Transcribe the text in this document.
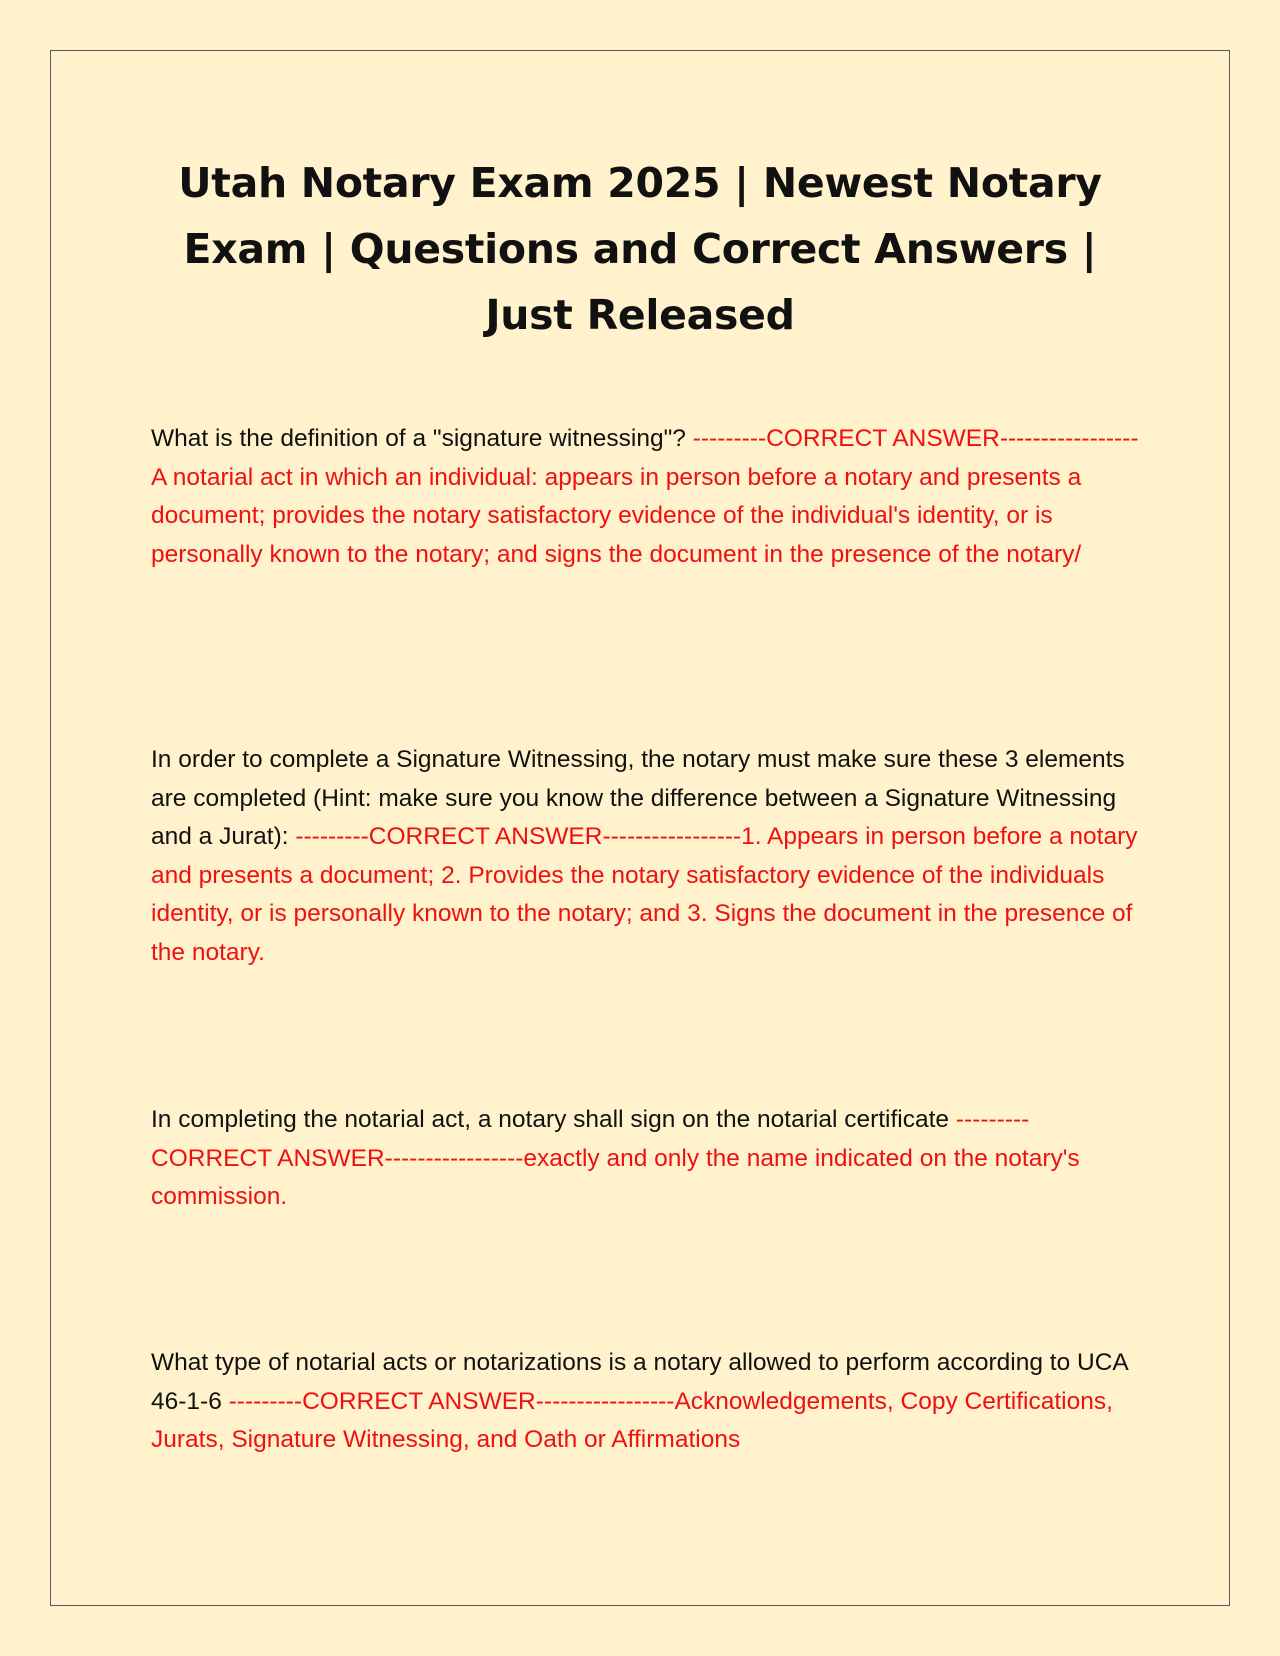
Utah Notary Exam 2025 | Newest Notary Exam | Questions and Correct Answers | Just Released

What is the definition of a "signature witnessing"? ---------CORRECT ANSWER-----------------A notarial act in which an individual: appears in person before a notary and presents a document; provides the notary satisfactory evidence of the individual's identity, or is personally known to the notary; and signs the document in the presence of the notary/

In order to complete a Signature Witnessing, the notary must make sure these 3 elements are completed (Hint: make sure you know the difference between a Signature Witnessing and a Jurat): ---------CORRECT ANSWER-----------------1. Appears in person before a notary and presents a document; 2. Provides the notary satisfactory evidence of the individuals identity, or is personally known to the notary; and 3. Signs the document in the presence of the notary.

In completing the notarial act, a notary shall sign on the notarial certificate ---------CORRECT ANSWER-----------------exactly and only the name indicated on the notary's commission.

What type of notarial acts or notarizations is a notary allowed to perform according to UCA 46-1-6 ---------CORRECT ANSWER-----------------Acknowledgements, Copy Certifications, Jurats, Signature Witnessing, and Oath or Affirmations
